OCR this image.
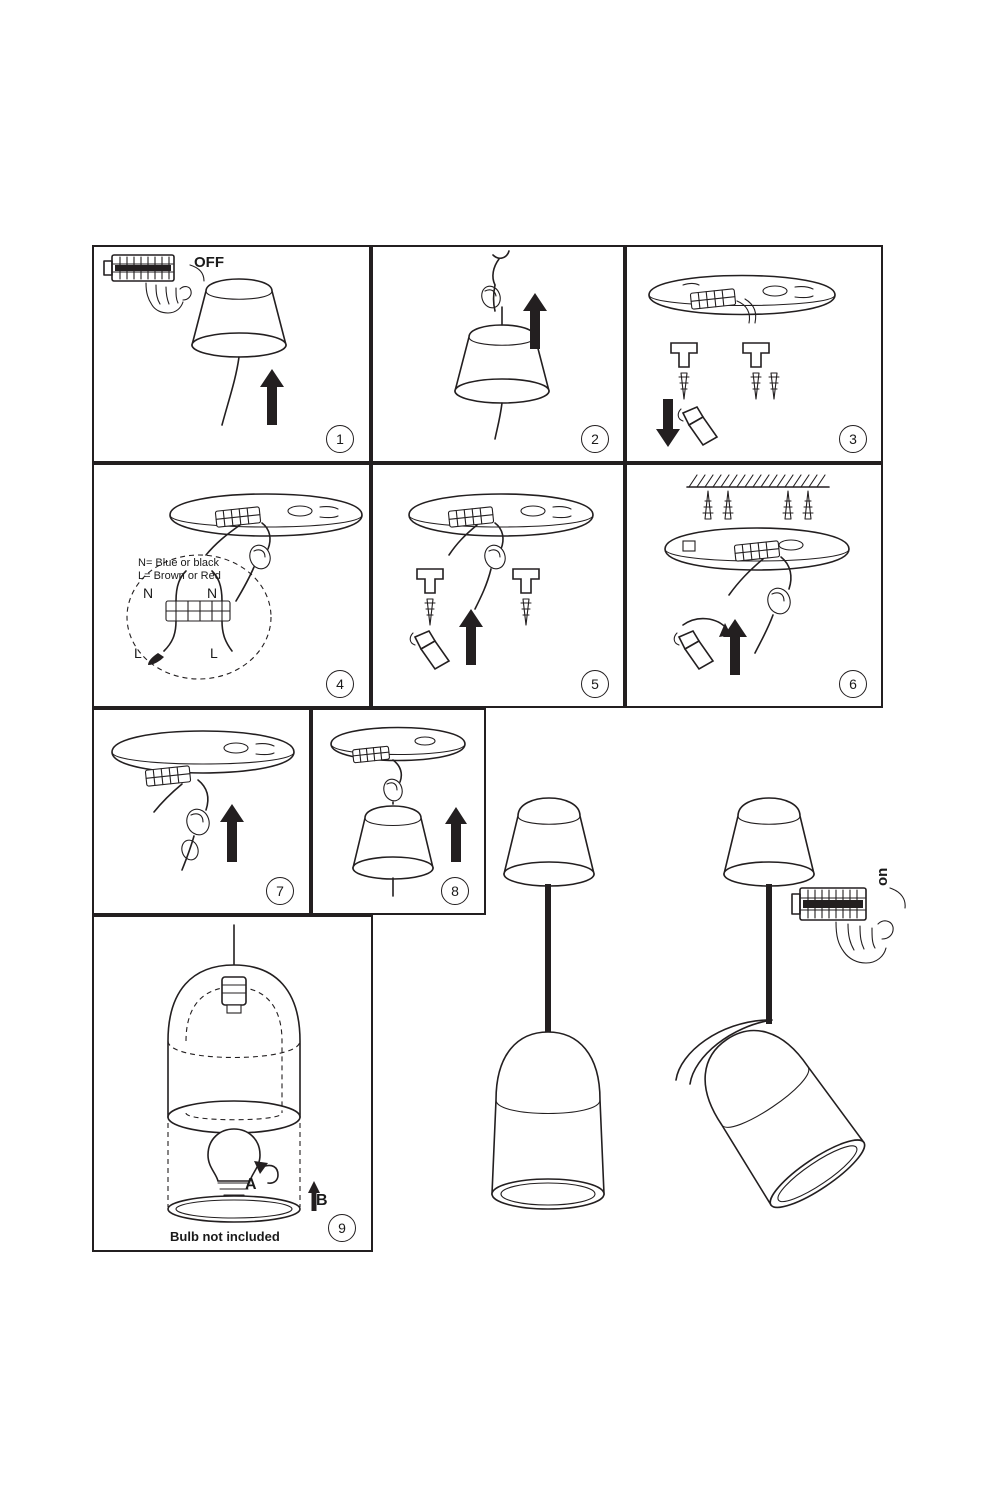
OFF
1	2	3
N= Blue or black
L= Brown or Red
N	N
L	L
4	5	6
7	8
A
B
Bulb not included
9
on
